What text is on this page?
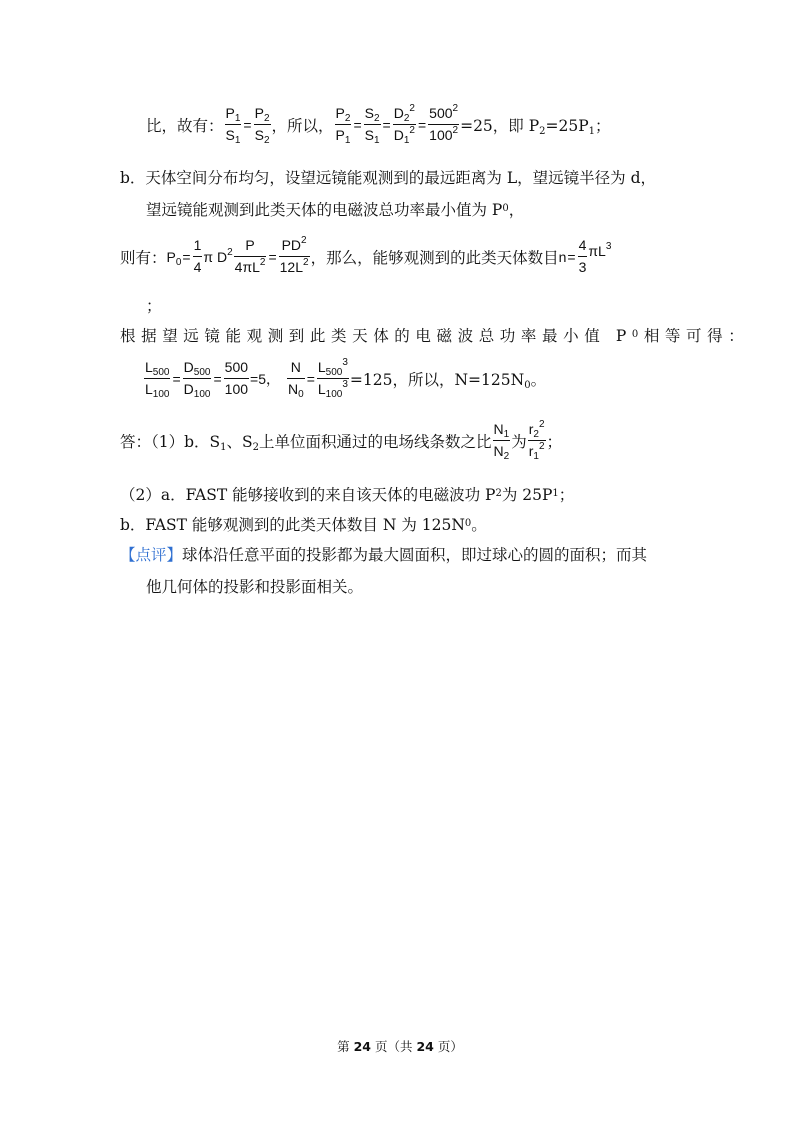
比，故有： $\frac{P_1}{S_1} = \frac{P_2}{S_2}$ ，所以， $\frac{P_2}{P_1} = \frac{S_2}{S_1} = \frac{D_2^2}{D_1^2} = \frac{500^2}{100^2} =25$，即 $P_2=25P_1$；
b．天体空间分布均匀，设望远镜能观测到的最远距离为 L，望远镜半径为 d，
望远镜能观测到此类天体的电磁波总功率最小值为 P 0 ，
则有： $P_0 = \frac{1}{4}$ π $D^2 \frac{P}{4\pi L^2} = \frac{PD^2}{12L^2}$ ，那么，能够观测到的此类天体数目 $n = \frac{4}{3} \pi L^3$
；
根据望远镜能观测到此类天体的电磁波总功率最小值 P 0 相等可得：
$\frac{L_{500}}{L_{100}} = \frac{D_{500}}{D_{100}} = \frac{500}{100} =5$， $\frac{N}{N_0} = \frac{L_{500}^3}{L_{100}^3} =125$，所以，$N=125N_0$。
答：（1）b．$S_1$、$S_2$上单位面积通过的电场线条数之比 $\frac{N_1}{N_2}$ 为 $\frac{r_2^2}{r_1^2}$ ；
（2）a．FAST 能够接收到的来自该天体的电磁波功 P 2 为 25P 1 ；
b．FAST 能够观测到的此类天体数目 N 为 125N 0 。
【点评】 球体沿任意平面的投影都为最大圆面积，即过球心的圆的面积；而其
他几何体的投影和投影面相关。
第 24 页（共 24 页）
